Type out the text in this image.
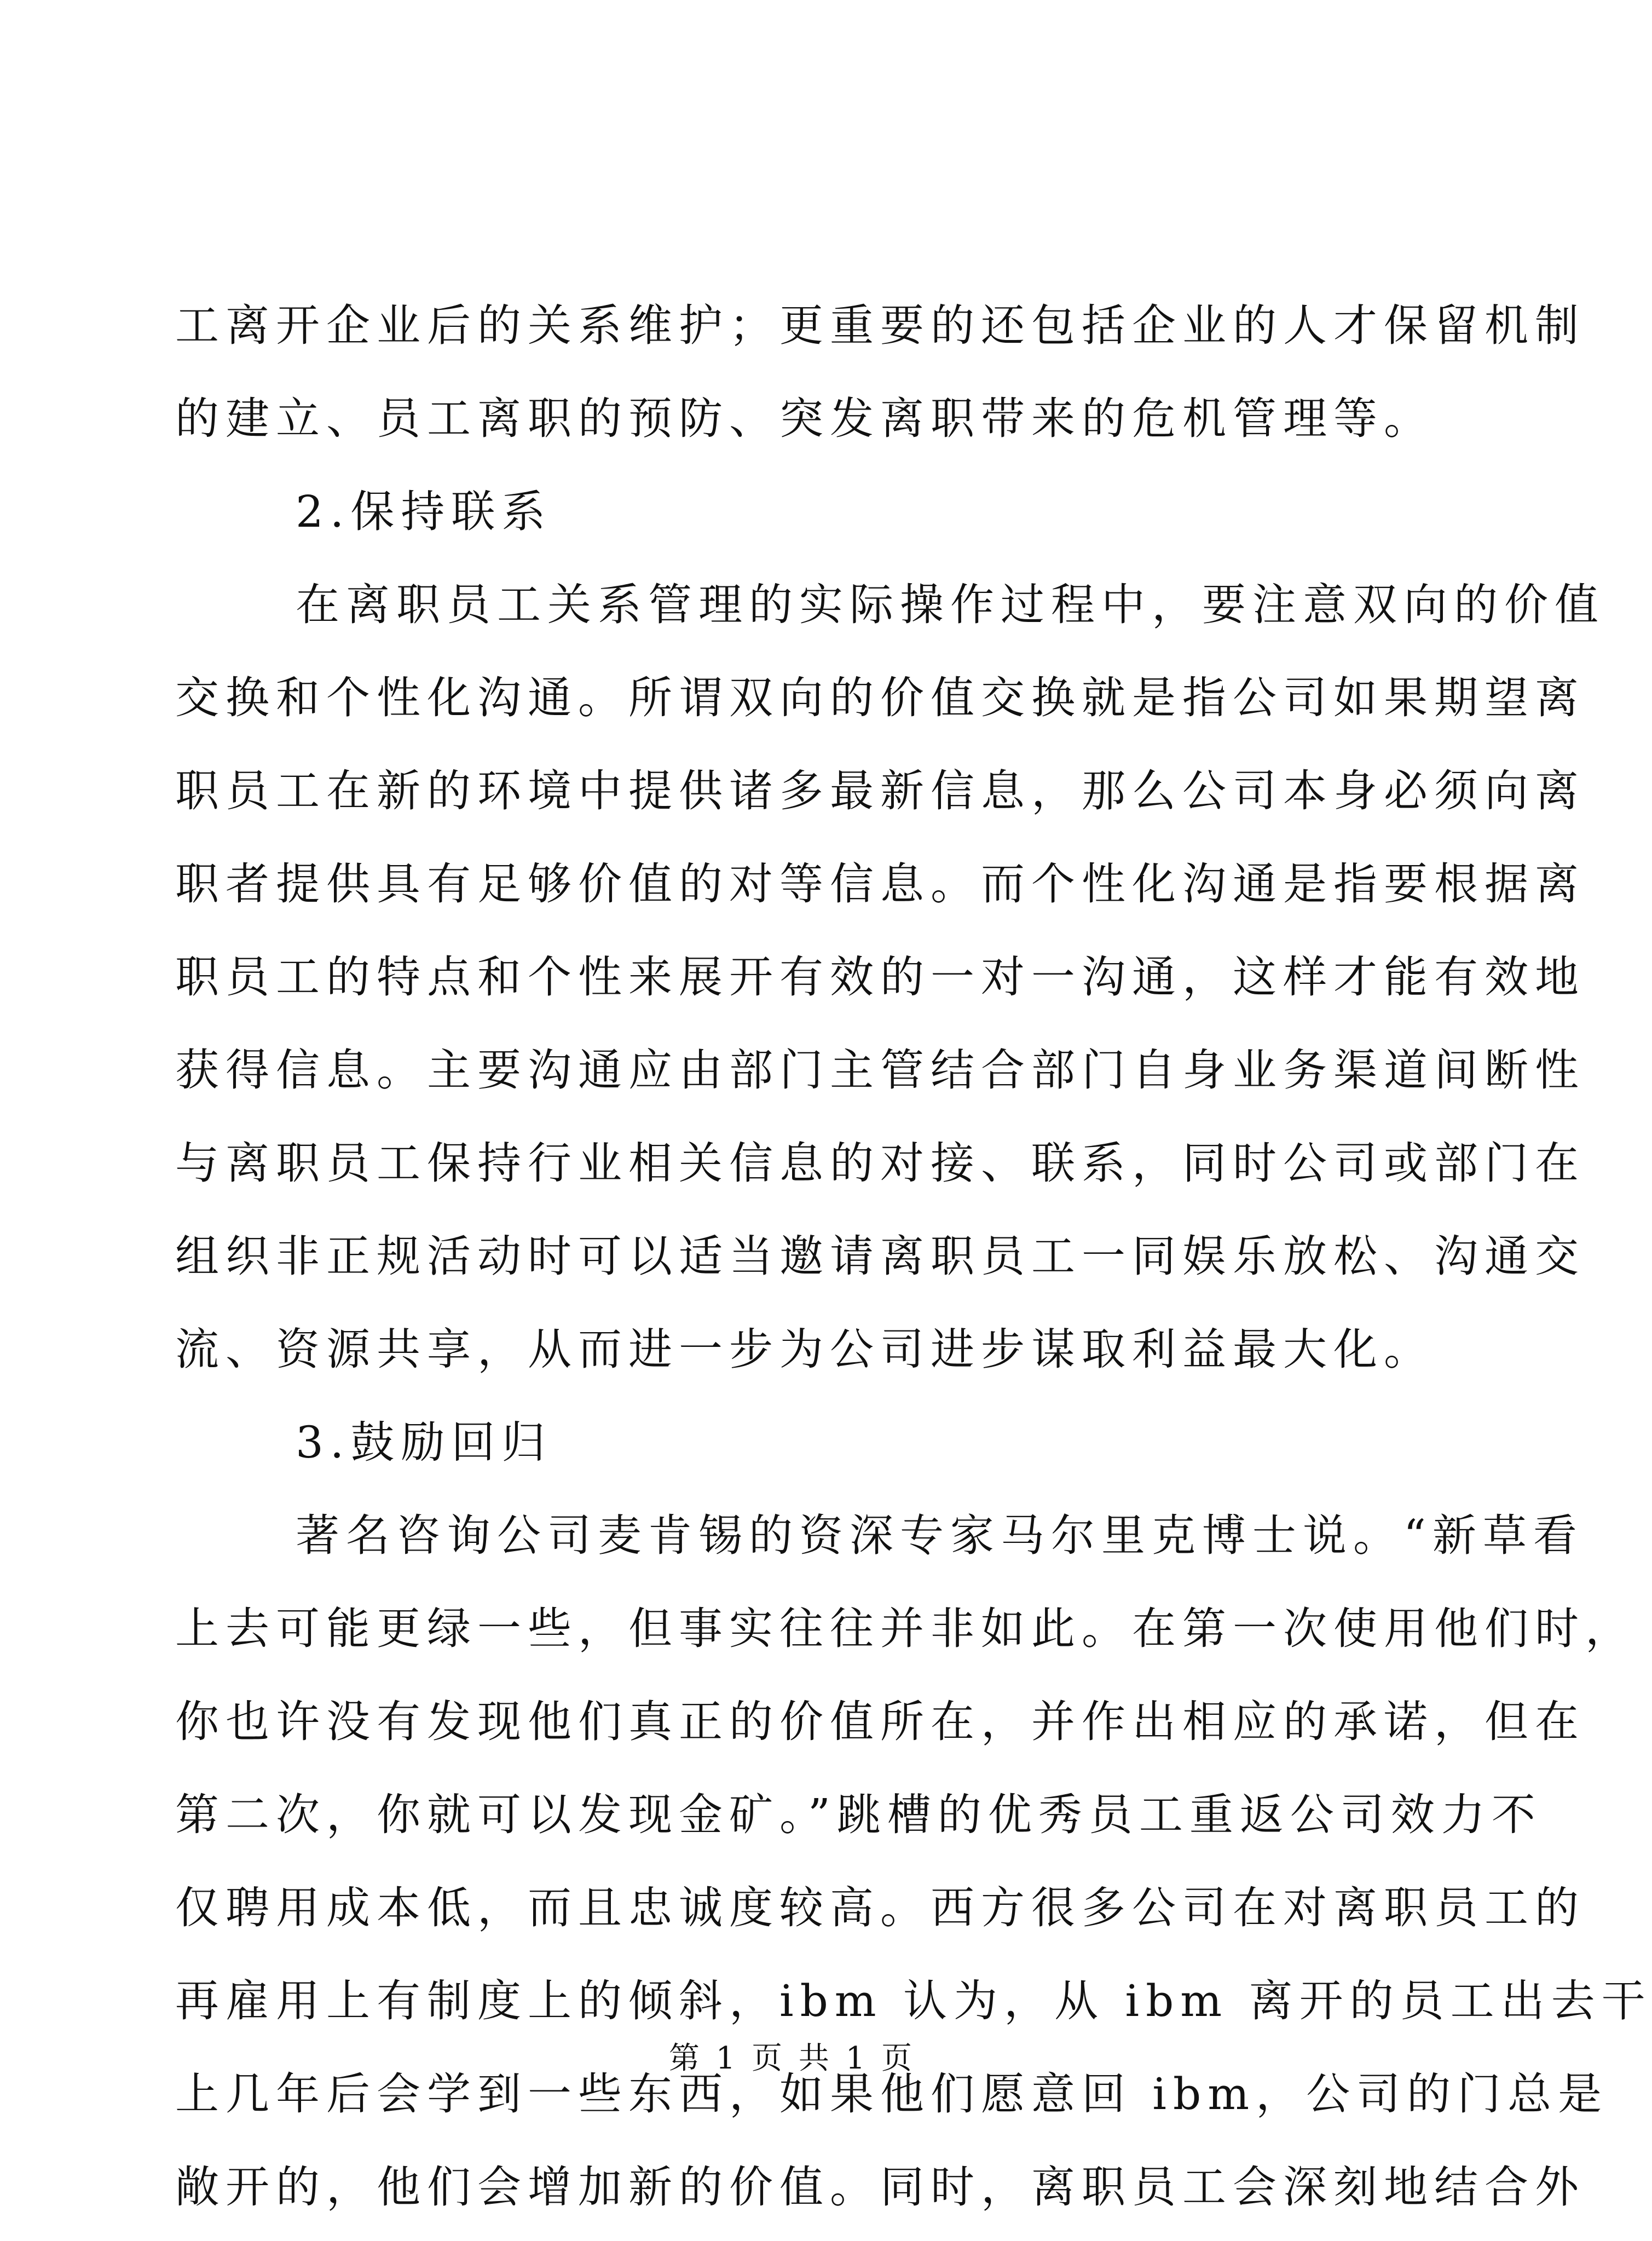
工离开企业后的关系维护；更重要的还包括企业的人才保留机制
的建立、员工离职的预防、突发离职带来的危机管理等。
2.保持联系
在离职员工关系管理的实际操作过程中，要注意双向的价值
交换和个性化沟通。所谓双向的价值交换就是指公司如果期望离
职员工在新的环境中提供诸多最新信息，那么公司本身必须向离
职者提供具有足够价值的对等信息。而个性化沟通是指要根据离
职员工的特点和个性来展开有效的一对一沟通，这样才能有效地
获得信息。主要沟通应由部门主管结合部门自身业务渠道间断性
与离职员工保持行业相关信息的对接、联系，同时公司或部门在
组织非正规活动时可以适当邀请离职员工一同娱乐放松、沟通交
流、资源共享，从而进一步为公司进步谋取利益最大化。
3.鼓励回归
著名咨询公司麦肯锡的资深专家马尔里克博士说。“新草看
上去可能更绿一些，但事实往往并非如此。在第一次使用他们时，
你也许没有发现他们真正的价值所在，并作出相应的承诺，但在
第二次，你就可以发现金矿。”跳槽的优秀员工重返公司效力不
仅聘用成本低，而且忠诚度较高。西方很多公司在对离职员工的
再雇用上有制度上的倾斜，ibm 认为，从 ibm 离开的员工出去干
上几年后会学到一些东西，如果他们愿意回 ibm，公司的门总是
敞开的，他们会增加新的价值。同时，离职员工会深刻地结合外
第 1 页 共 1 页
